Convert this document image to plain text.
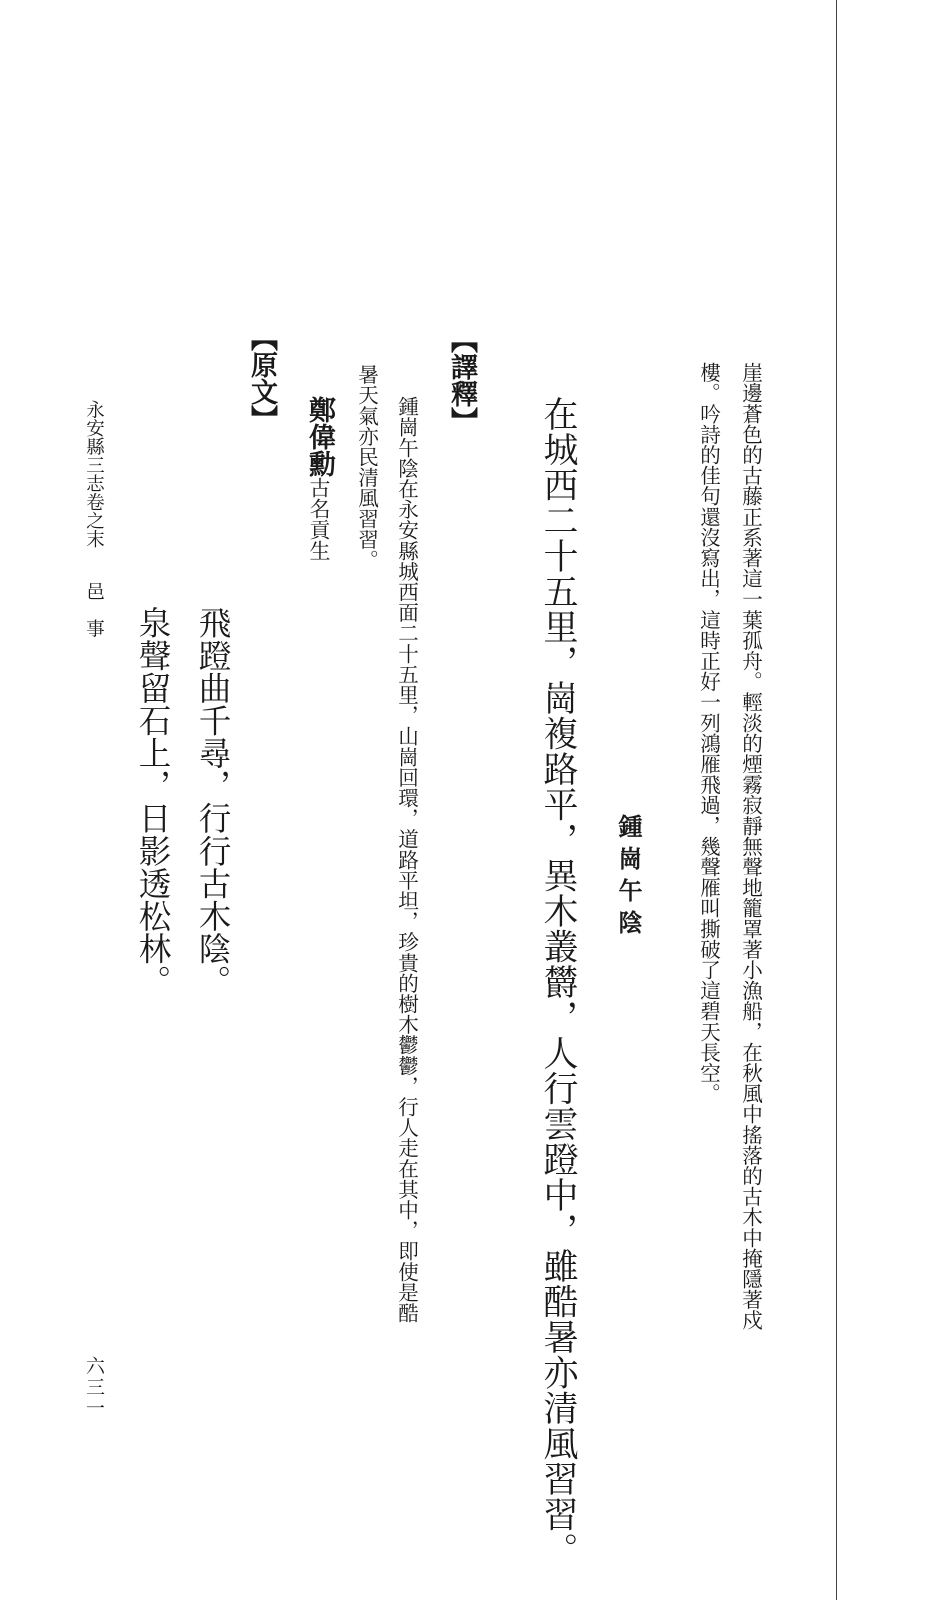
崖邊蒼色的古藤正系著這一葉孤舟。輕淡的煙霧寂靜無聲地籠罩著小漁船，在秋風中搖落的古木中掩隱著戍
樓。吟詩的佳句還沒寫出，這時正好一列鴻雁飛過，幾聲雁叫撕破了這碧天長空。
鍾崗午陰
在城西二十五里，崗複路平，異木叢欝，人行雲蹬中，雖酷暑亦清風習習。
【譯釋】
鍾崗午陰在永安縣城西面二十五里，山崗回環，道路平坦，珍貴的樹木鬱鬱，行人走在其中，即使是酷
暑天氣亦民清風習習。
鄭偉勳古名貢生
【原文】
飛蹬曲千尋，行行古木陰。
泉聲留石上，日影透松林。
永安縣三志卷之末
邑　事
六三一
